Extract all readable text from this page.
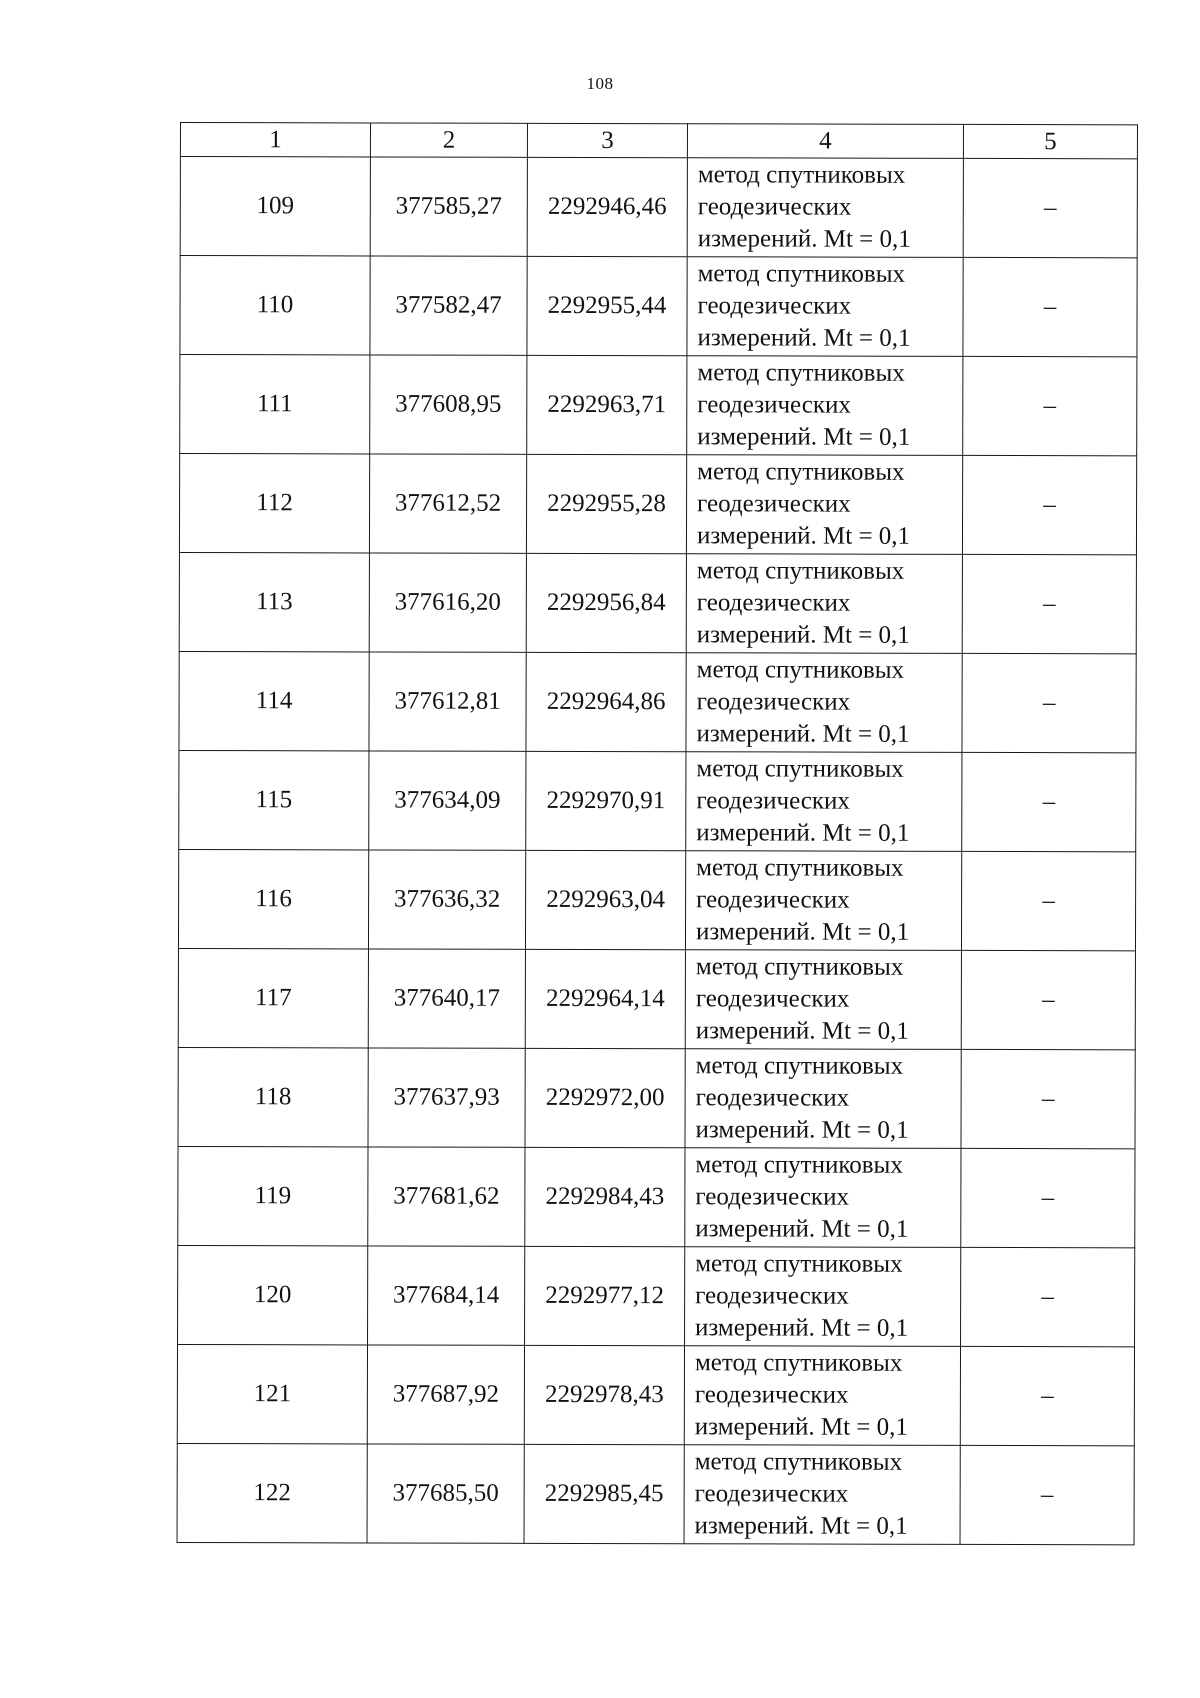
108
1	2	3	4	5
109	377585,27	2292946,46	метод спутниковых
геодезических
измерений. Mt = 0,1	–
110	377582,47	2292955,44	метод спутниковых
геодезических
измерений. Mt = 0,1	–
111	377608,95	2292963,71	метод спутниковых
геодезических
измерений. Mt = 0,1	–
112	377612,52	2292955,28	метод спутниковых
геодезических
измерений. Mt = 0,1	–
113	377616,20	2292956,84	метод спутниковых
геодезических
измерений. Mt = 0,1	–
114	377612,81	2292964,86	метод спутниковых
геодезических
измерений. Mt = 0,1	–
115	377634,09	2292970,91	метод спутниковых
геодезических
измерений. Mt = 0,1	–
116	377636,32	2292963,04	метод спутниковых
геодезических
измерений. Mt = 0,1	–
117	377640,17	2292964,14	метод спутниковых
геодезических
измерений. Mt = 0,1	–
118	377637,93	2292972,00	метод спутниковых
геодезических
измерений. Mt = 0,1	–
119	377681,62	2292984,43	метод спутниковых
геодезических
измерений. Mt = 0,1	–
120	377684,14	2292977,12	метод спутниковых
геодезических
измерений. Mt = 0,1	–
121	377687,92	2292978,43	метод спутниковых
геодезических
измерений. Mt = 0,1	–
122	377685,50	2292985,45	метод спутниковых
геодезических
измерений. Mt = 0,1	–
